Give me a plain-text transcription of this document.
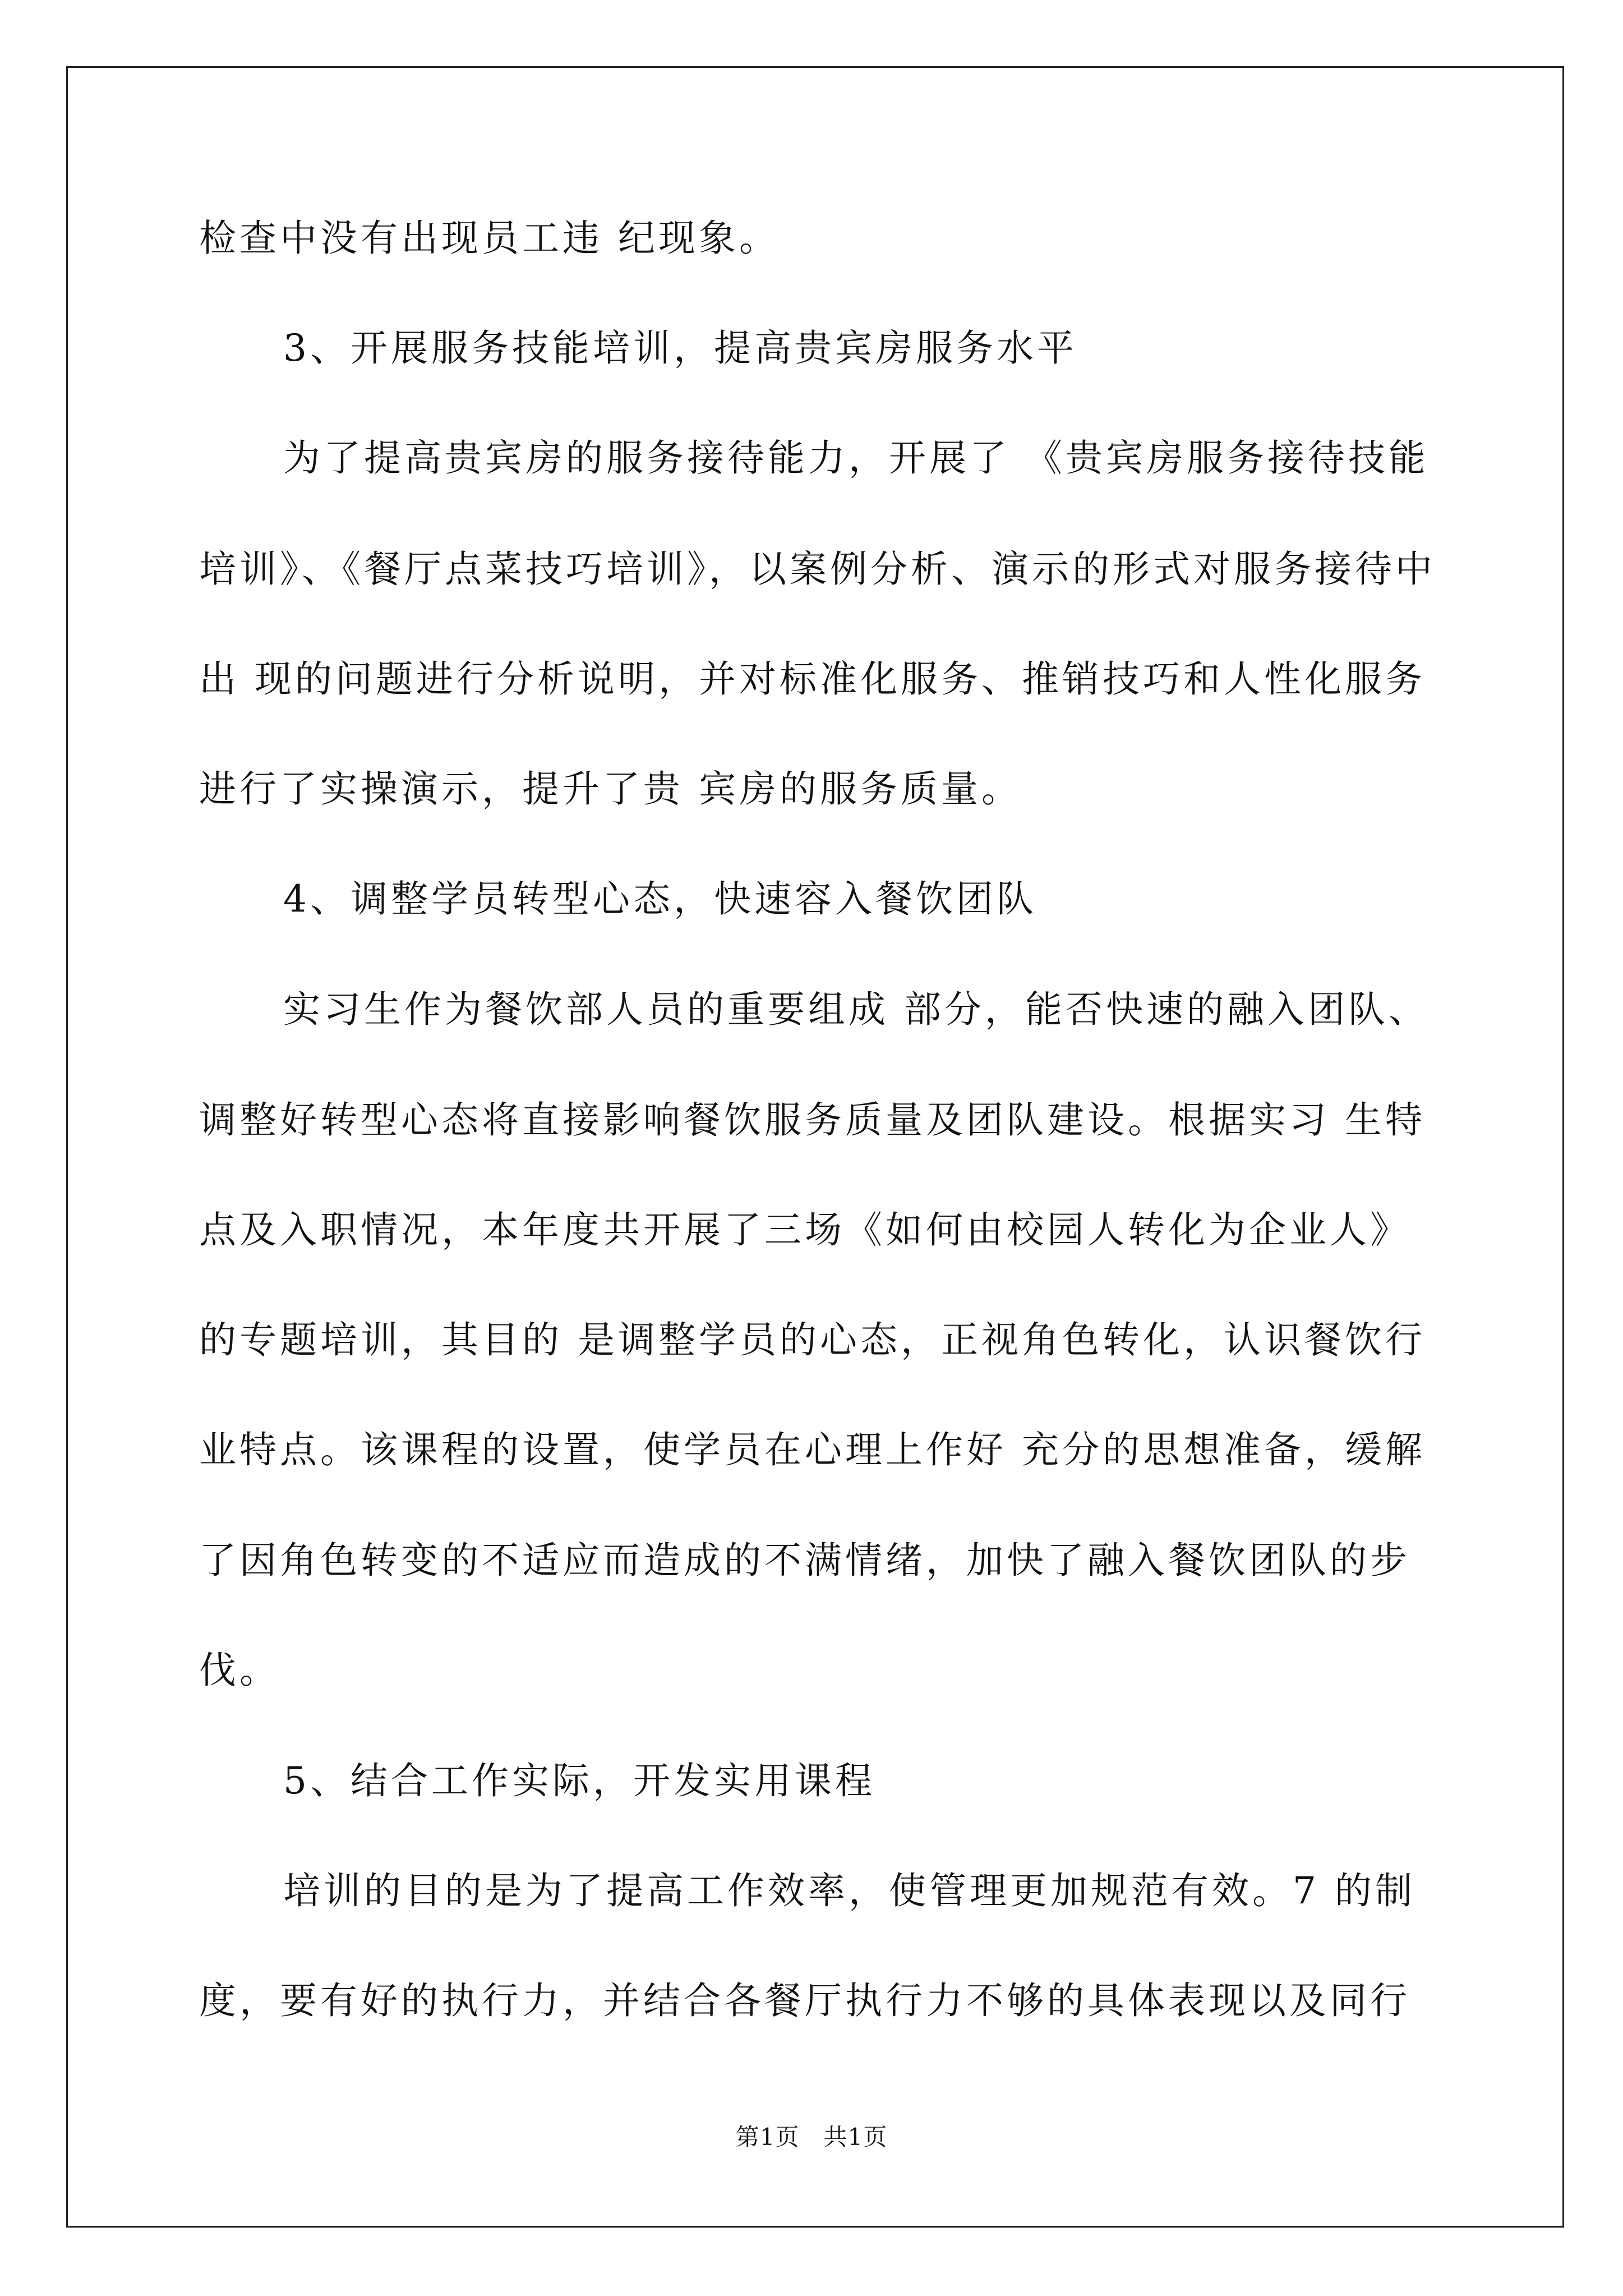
检查中没有出现员工违 纪现象。
3、开展服务技能培训，提高贵宾房服务水平
为了提高贵宾房的服务接待能力，开展了 《贵宾房服务接待技能
培训》、《餐厅点菜技巧培训》，以案例分析、演示的形式对服务接待中
出 现的问题进行分析说明，并对标准化服务、推销技巧和人性化服务
进行了实操演示，提升了贵 宾房的服务质量。
4、调整学员转型心态，快速容入餐饮团队
实习生作为餐饮部人员的重要组成 部分，能否快速的融入团队、
调整好转型心态将直接影响餐饮服务质量及团队建设。根据实习 生特
点及入职情况，本年度共开展了三场《如何由校园人转化为企业人》
的专题培训，其目的 是调整学员的心态，正视角色转化，认识餐饮行
业特点。该课程的设置，使学员在心理上作好 充分的思想准备，缓解
了因角色转变的不适应而造成的不满情绪，加快了融入餐饮团队的步
伐。
5、结合工作实际，开发实用课程
培训的目的是为了提高工作效率，使管理更加规范有效。7 的制
度，要有好的执行力，并结合各餐厅执行力不够的具体表现以及同行
第1页   共1页
